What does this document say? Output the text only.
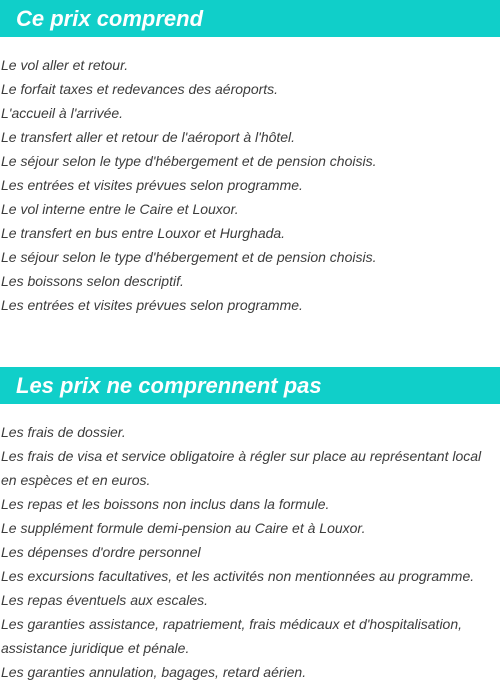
Ce prix comprend
Le vol aller et retour.
Le forfait taxes et redevances des aéroports.
L'accueil à l'arrivée.
Le transfert aller et retour de l'aéroport à l'hôtel.
Le séjour selon le type d'hébergement et de pension choisis.
Les entrées et visites prévues selon programme.
Le vol interne entre le Caire et Louxor.
Le transfert en bus entre Louxor et Hurghada.
Le séjour selon le type d'hébergement et de pension choisis.
Les boissons selon descriptif.
Les entrées et visites prévues selon programme.
Les prix ne comprennent pas
Les frais de dossier.
Les frais de visa et service obligatoire à régler sur place au représentant local en espèces et en euros.
Les repas et les boissons non inclus dans la formule.
Le supplément formule demi-pension au Caire et à Louxor.
Les dépenses d'ordre personnel
Les excursions facultatives, et les activités non mentionnées au programme.
Les repas éventuels aux escales.
Les garanties assistance, rapatriement, frais médicaux et d'hospitalisation, assistance juridique et pénale.
Les garanties annulation, bagages, retard aérien.
